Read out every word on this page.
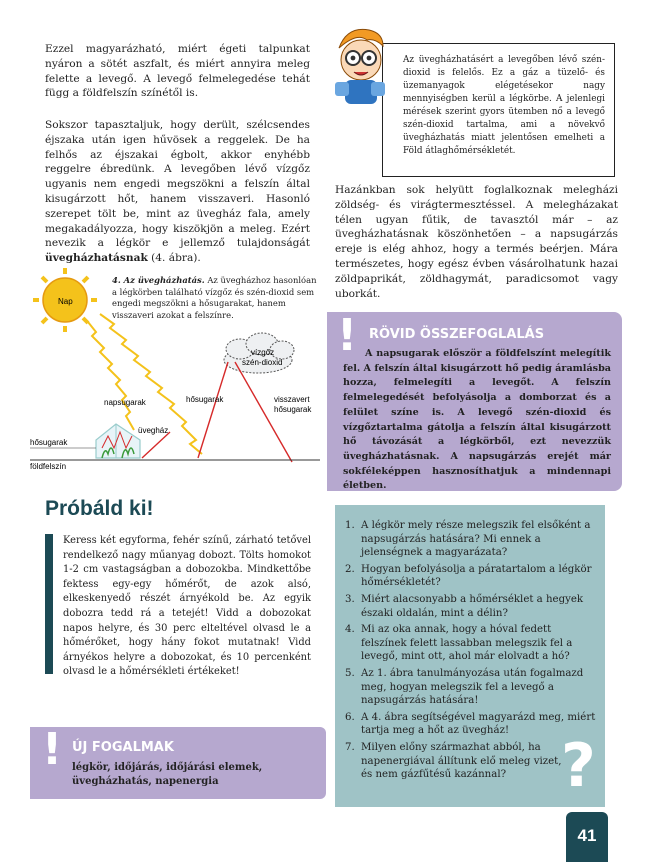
Ezzel magyarázható, miért égeti talpunkat nyáron a sötét aszfalt, és miért annyira meleg felette a levegő. A levegő felmelegedése tehát függ a földfelszín színétől is.

Sokszor tapasztaljuk, hogy derült, szélcsendes éjszaka után igen hűvösek a reggelek. De ha felhős az éjszakai égbolt, akkor enyhébb reggelre ébredünk. A levegőben lévő vízgőz ugyanis nem engedi megszökni a felszín által kisugárzott hőt, hanem visszaveri. Hasonló szerepet tölt be, mint az üvegház fala, amely megakadályozza, hogy kiszökjön a meleg. Ezért nevezik a légkör e jellemző tulajdonságát üvegházhatásnak (4. ábra).

Nap
vízgőz
szén-dioxid
napsugarak	hősugarak	visszavert
hősugarak
üvegház
hősugarak
földfelszín
4. Az üvegházhatás. Az üvegházhoz hasonlóan a légkörben található vízgőz és szén-dioxid sem engedi megszökni a hősugarakat, hanem visszaveri azokat a felszínre.

Az üvegházhatásért a levegőben lévő szén-dioxid is felelős. Ez a gáz a tüzelő- és üzemanyagok elégetésekor nagy mennyiségben kerül a légkörbe. A jelenlegi mérések szerint gyors ütemben nő a levegő szén-dioxid tartalma, ami a növekvő üvegházhatás miatt jelentősen emelheti a Föld átlaghőmérsékletét.

Hazánkban sok helyütt foglalkoznak melegházi zöldség- és virágtermesztéssel. A melegházakat télen ugyan fűtik, de tavasztól már – az üvegházhatásnak köszönhetően – a napsugárzás ereje is elég ahhoz, hogy a termés beérjen. Mára természetes, hogy egész évben vásárolhatunk hazai zöldpaprikát, zöldhagymát, paradicsomot vagy uborkát.

! RÖVID ÖSSZEFOGLALÁS

A napsugarak először a földfelszínt melegítik fel. A felszín által kisugárzott hő pedig áramlásba hozza, felmelegíti a levegőt. A felszín felmelegedését befolyásolja a domborzat és a felület színe is. A levegő szén-dioxid és vízgőztartalma gátolja a felszín által kisugárzott hő távozását a légkörből, ezt nevezzük üvegházhatásnak. A napsugárzás erejét már sokféleképpen hasznosíthatjuk a mindennapi életben.

Próbáld ki!

Keress két egyforma, fehér színű, zárható tetővel rendelkező nagy műanyag dobozt. Tölts homokot 1-2 cm vastagságban a dobozokba. Mindkettőbe fektess egy-egy hőmérőt, de azok alsó, elkeskenyedő részét árnyékold be. Az egyik dobozra tedd rá a tetejét! Vidd a dobozokat napos helyre, és 30 perc elteltével olvasd le a hőmérőket, hogy hány fokot mutatnak! Vidd árnyékos helyre a dobozokat, és 10 percenként olvasd le a hőmérsékleti értékeket!

! ÚJ FOGALMAK
légkör, időjárás, időjárási elemek,
üvegházhatás, napenergia
1. A légkör mely része melegszik fel elsőként a napsugárzás hatására? Mi ennek a jelenségnek a magyarázata?
2. Hogyan befolyásolja a páratartalom a légkör hőmérsékletét?
3. Miért alacsonyabb a hőmérséklet a hegyek északi oldalán, mint a délin?
4. Mi az oka annak, hogy a hóval fedett felszínek felett lassabban melegszik fel a levegő, mint ott, ahol már elolvadt a hó?
5. Az 1. ábra tanulmányozása után fogalmazd meg, hogyan melegszik fel a levegő a napsugárzás hatására!
6. A 4. ábra segítségével magyarázd meg, miért tartja meg a hőt az üvegház!
7. Milyen előny származhat abból, ha napenergiával állítunk elő meleg vizet, és nem gázfűtésű kazánnal? ?
41
